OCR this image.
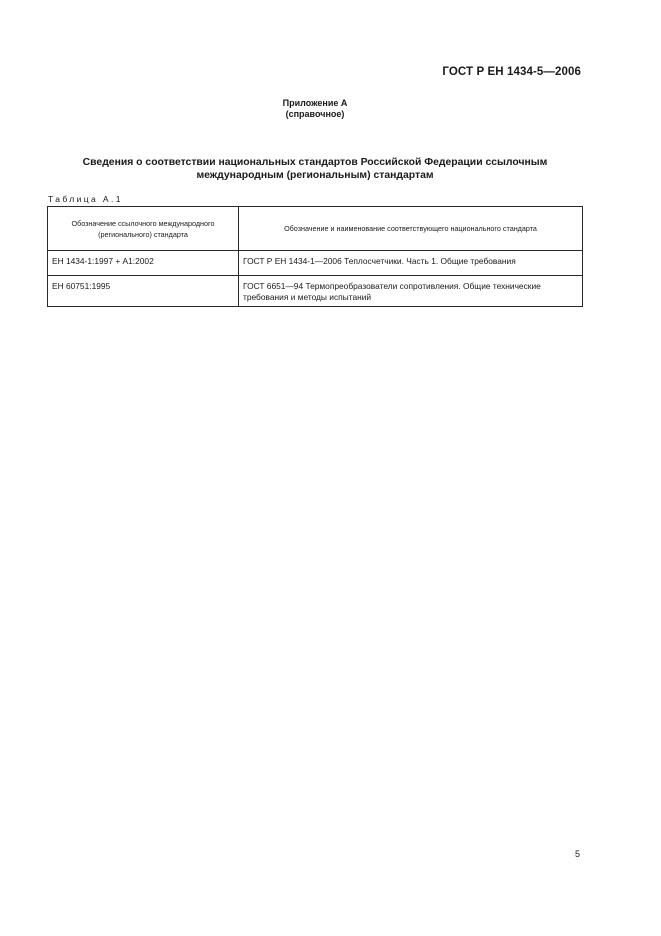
ГОСТ Р ЕН 1434-5—2006
Приложение А
(справочное)
Сведения о соответствии национальных стандартов Российской Федерации ссылочным международным (региональным) стандартам
Таблица А.1
Обозначение ссылочного международного (регионального) стандарта	Обозначение и наименование соответствующего национального стандарта
ЕН 1434-1:1997 + А1:2002	ГОСТ Р ЕН 1434-1—2006 Теплосчетчики. Часть 1. Общие требования
ЕН 60751:1995	ГОСТ 6651—94 Термопреобразователи сопротивления. Общие технические требования и методы испытаний
5
